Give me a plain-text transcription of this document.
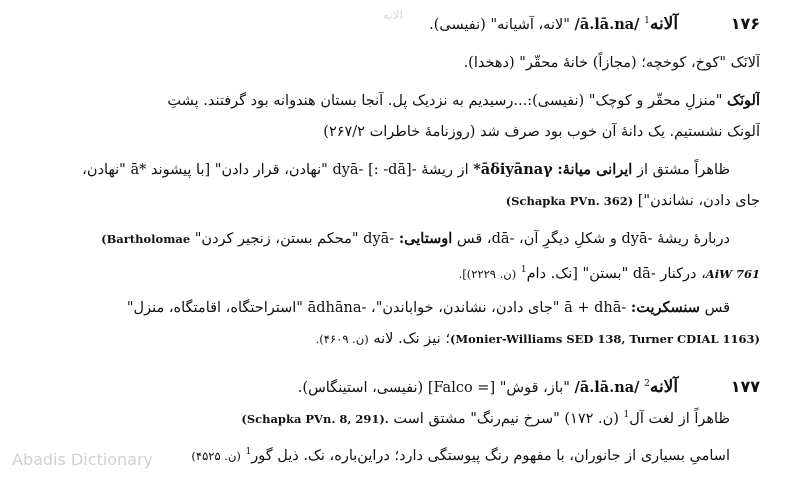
الانه	۱۷۶ آلانه$^1$ /ā.lā.na/ "لانه، آشیانه" (نفیسی).
آلانَک "کوخ، کوخچه؛ (مجازاً) خانهٔ محقّر" (دهخدا).
آلونَک "منزلِ محقّر و کوچک" (نفیسی):...رسیدیم به نزدیک پل. آنجا بستان هندوانه بود گرفتند. پشتِ
آلونک نشستیم. یک دانهٔ آن خوب بود صرف شد (روزنامهٔ خاطرات ۲۶۷/۲)
ظاهراً مشتق از ایرانی میانهٔ: *āδiyānaγ از ریشهٔ -dyā- [: -dā] "نهادن، قرار دادن" [با پیشوند *ā "نهادن،
جای دادن، نشاندن"] (Schapka PVn. 362)
دربارهٔ ریشهٔ -dyā و شکلِ دیگرِ آن، -dā، قس اوستایی: -dyā "محکم بستن، زنجیر کردن" (Bartholomae
AiW 761، درکنار -dā "بستن" [نک. دام$^1$ (ن. ۲۲۲۹)].
قس سنسکریت: -ā + dhā "جای دادن، نشاندن، خواباندن"، -ādhāna "استراحتگاه، اقامتگاه، منزل"
(Monier-Williams SED 138, Turner CDIAL 1163)؛ نیز نک. لانه (ن. ۴۶۰۹).
۱۷۷ آلانه$^2$ /ā.lā.na/ "باز، قوش" [= Falco] (نفیسی، استینگاس).
ظاهراً از لغت آل$^1$ (ن. ۱۷۲) "سرخ نیم‌رنگ" مشتق است (Schapka PVn. 8, 291).
اسامیِ بسیاری از جانوران، با مفهوم رنگ پیوستگی دارد؛ دراین‌باره، نک. ذیل گور$^1$ (ن. ۴۵۲۵)
Abadis Dictionary
